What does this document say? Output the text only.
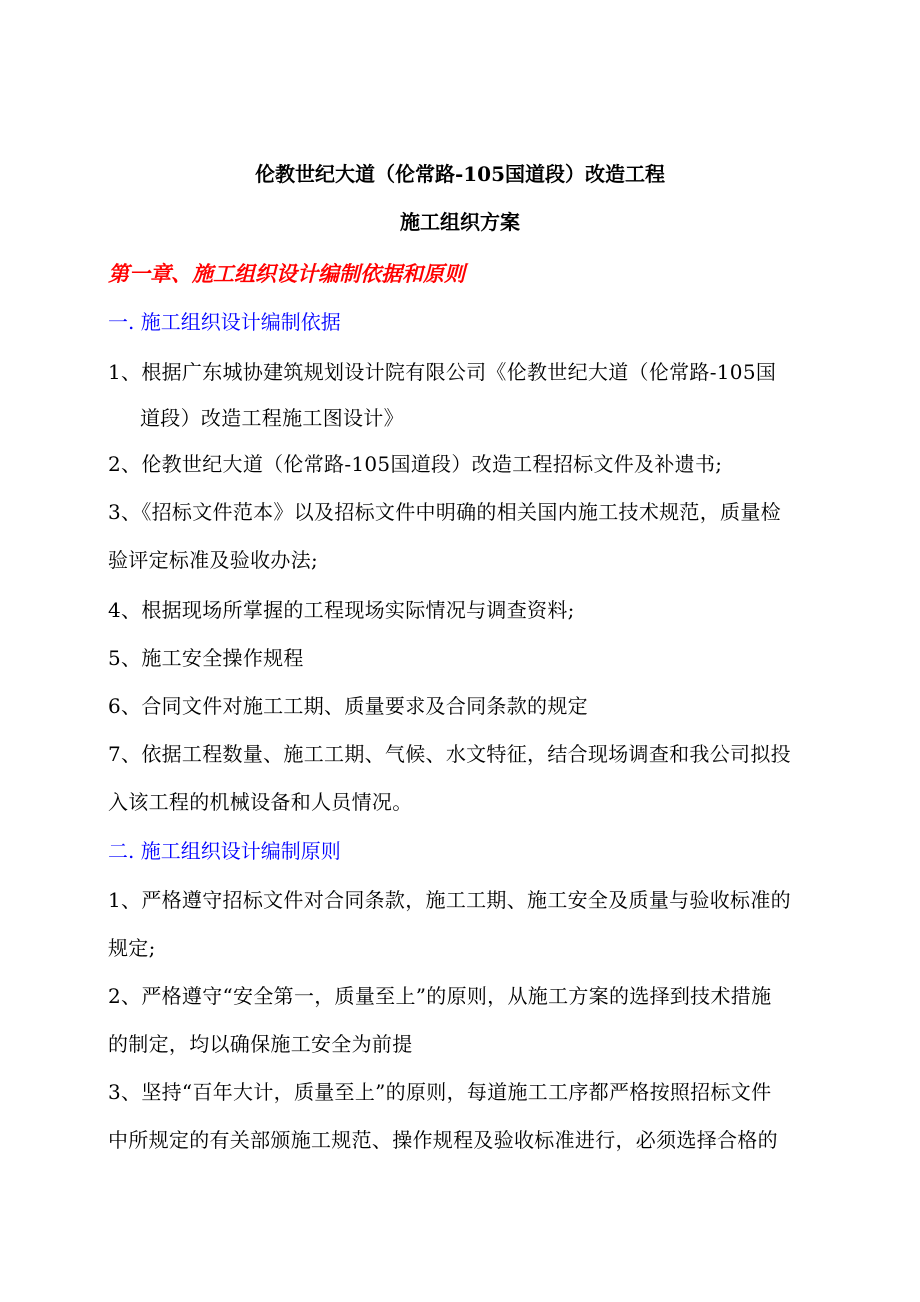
伦教世纪大道（伦常路-105国道段）改造工程
施工组织方案
第一章、施工组织设计编制依据和原则
一. 施工组织设计编制依据
1、根据广东城协建筑规划设计院有限公司《伦教世纪大道（伦常路-105国
道段）改造工程施工图设计》
2、伦教世纪大道（伦常路-105国道段）改造工程招标文件及补遗书;
3、《招标文件范本》以及招标文件中明确的相关国内施工技术规范，质量检
验评定标准及验收办法;
4、根据现场所掌握的工程现场实际情况与调查资料;
5、施工安全操作规程
6、合同文件对施工工期、质量要求及合同条款的规定
7、依据工程数量、施工工期、气候、水文特征，结合现场调查和我公司拟投
入该工程的机械设备和人员情况。
二. 施工组织设计编制原则
1、严格遵守招标文件对合同条款，施工工期、施工安全及质量与验收标准的
规定;
2、严格遵守“安全第一，质量至上”的原则，从施工方案的选择到技术措施
的制定，均以确保施工安全为前提
3、坚持“百年大计，质量至上”的原则，每道施工工序都严格按照招标文件
中所规定的有关部颁施工规范、操作规程及验收标准进行，必须选择合格的
